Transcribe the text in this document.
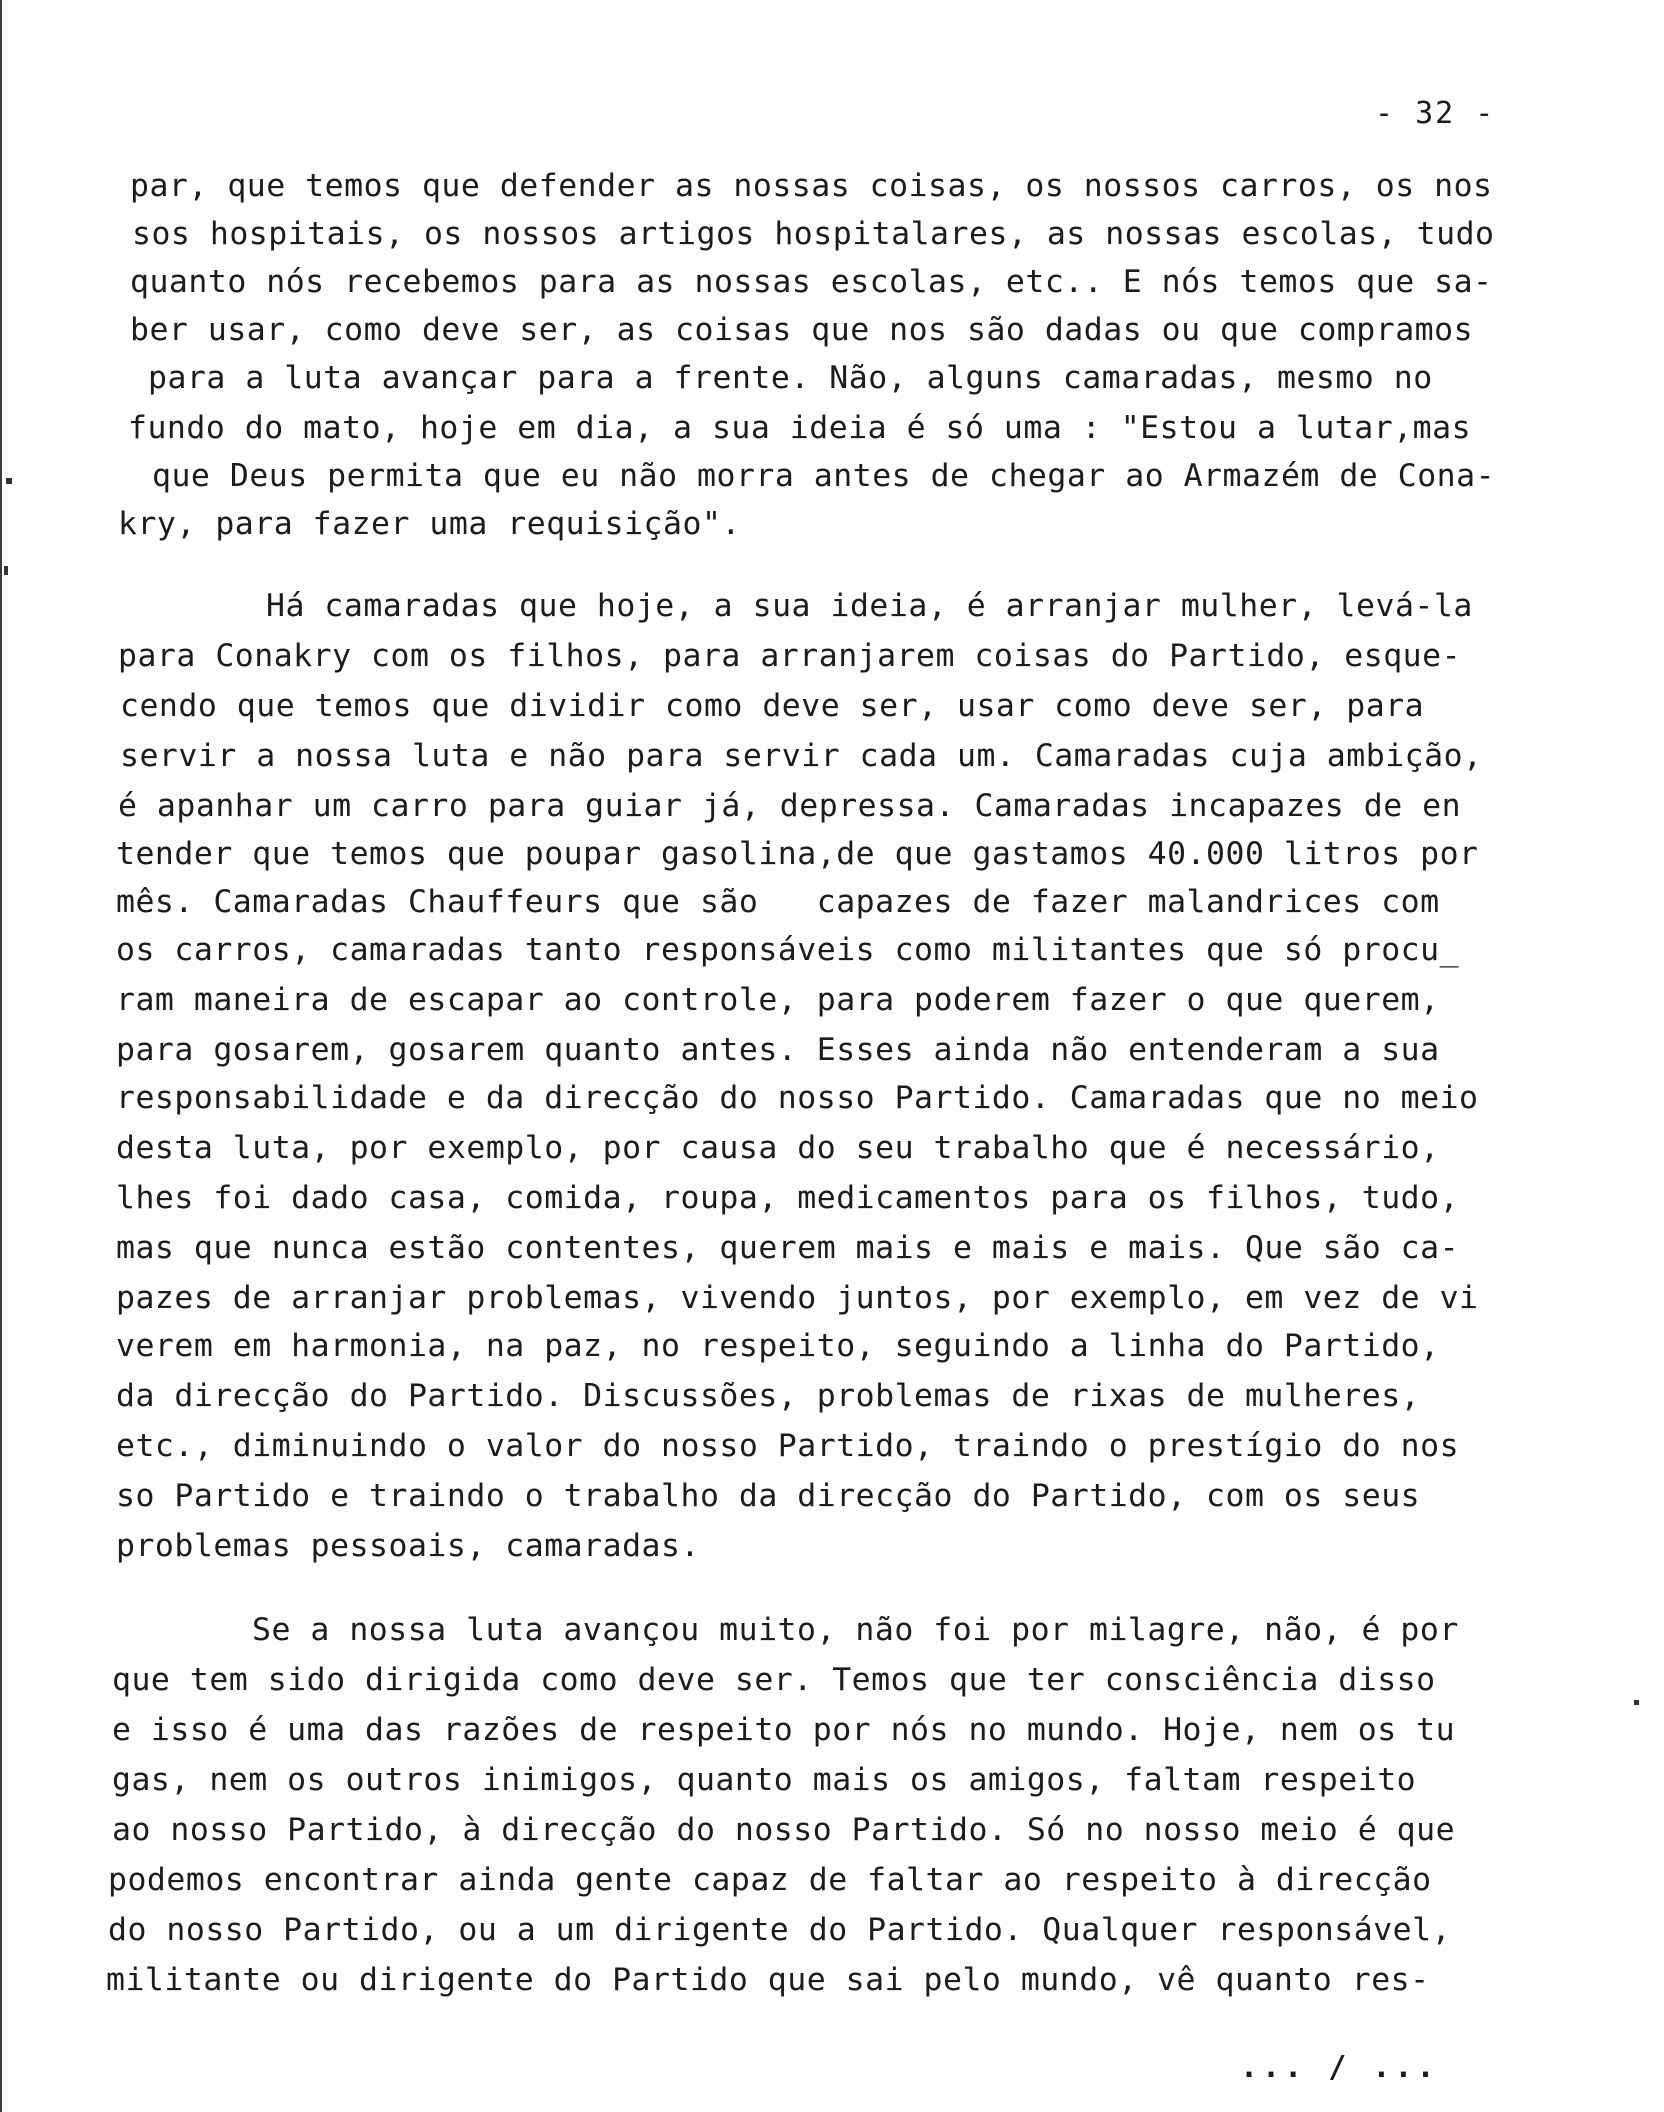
- 32 -
par, que temos que defender as nossas coisas, os nossos carros, os nos
sos hospitais, os nossos artigos hospitalares, as nossas escolas, tudo
quanto nós recebemos para as nossas escolas, etc.. E nós temos que sa-
ber usar, como deve ser, as coisas que nos são dadas ou que compramos
para a luta avançar para a frente. Não, alguns camaradas, mesmo no
fundo do mato, hoje em dia, a sua ideia é só uma : "Estou a lutar,mas
que Deus permita que eu não morra antes de chegar ao Armazém de Cona-
kry, para fazer uma requisição".
Há camaradas que hoje, a sua ideia, é arranjar mulher, levá-la
para Conakry com os filhos, para arranjarem coisas do Partido, esque-
cendo que temos que dividir como deve ser, usar como deve ser, para
servir a nossa luta e não para servir cada um. Camaradas cuja ambição,
é apanhar um carro para guiar já, depressa. Camaradas incapazes de en
tender que temos que poupar gasolina,de que gastamos 40.000 litros por
mês. Camaradas Chauffeurs que são   capazes de fazer malandrices com
os carros, camaradas tanto responsáveis como militantes que só procu_
ram maneira de escapar ao controle, para poderem fazer o que querem,
para gosarem, gosarem quanto antes. Esses ainda não entenderam a sua
responsabilidade e da direcção do nosso Partido. Camaradas que no meio
desta luta, por exemplo, por causa do seu trabalho que é necessário,
lhes foi dado casa, comida, roupa, medicamentos para os filhos, tudo,
mas que nunca estão contentes, querem mais e mais e mais. Que são ca-
pazes de arranjar problemas, vivendo juntos, por exemplo, em vez de vi
verem em harmonia, na paz, no respeito, seguindo a linha do Partido,
da direcção do Partido. Discussões, problemas de rixas de mulheres,
etc., diminuindo o valor do nosso Partido, traindo o prestígio do nos
so Partido e traindo o trabalho da direcção do Partido, com os seus
problemas pessoais, camaradas.
Se a nossa luta avançou muito, não foi por milagre, não, é por
que tem sido dirigida como deve ser. Temos que ter consciência disso
e isso é uma das razões de respeito por nós no mundo. Hoje, nem os tu
gas, nem os outros inimigos, quanto mais os amigos, faltam respeito
ao nosso Partido, à direcção do nosso Partido. Só no nosso meio é que
podemos encontrar ainda gente capaz de faltar ao respeito à direcção
do nosso Partido, ou a um dirigente do Partido. Qualquer responsável,
militante ou dirigente do Partido que sai pelo mundo, vê quanto res-
... / ...
